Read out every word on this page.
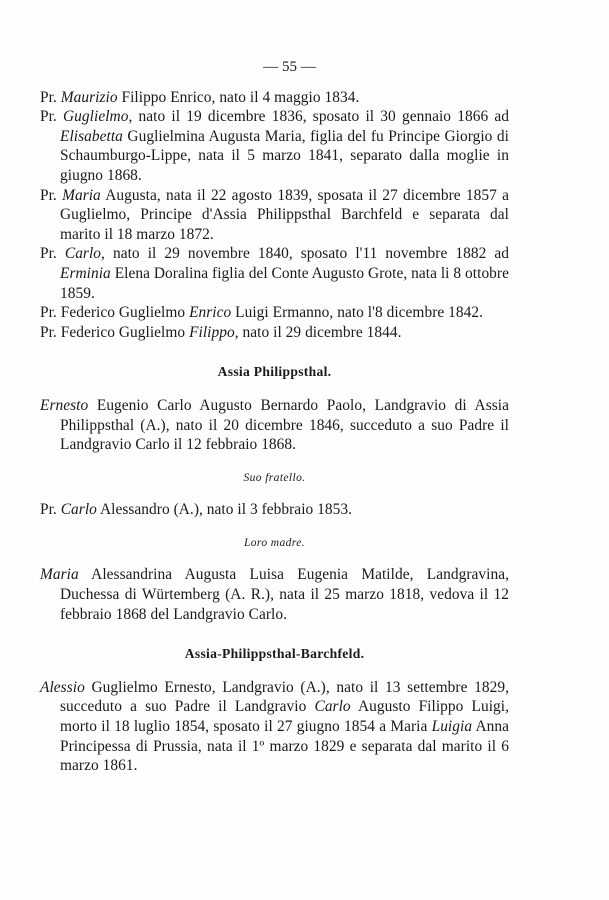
— 55 —
Pr. Maurizio Filippo Enrico, nato il 4 maggio 1834.
Pr. Guglielmo, nato il 19 dicembre 1836, sposato il 30 gennaio 1866 ad Elisabetta Guglielmina Augusta Maria, figlia del fu Principe Giorgio di Schaumburgo-Lippe, nata il 5 marzo 1841, separato dalla moglie in giugno 1868.
Pr. Maria Augusta, nata il 22 agosto 1839, sposata il 27 dicembre 1857 a Guglielmo, Principe d'Assia Philippsthal Barchfeld e separata dal marito il 18 marzo 1872.
Pr. Carlo, nato il 29 novembre 1840, sposato l'11 novembre 1882 ad Erminia Elena Doralina figlia del Conte Augusto Grote, nata li 8 ottobre 1859.
Pr. Federico Guglielmo Enrico Luigi Ermanno, nato l'8 dicembre 1842.
Pr. Federico Guglielmo Filippo, nato il 29 dicembre 1844.
Assia Philippsthal.
Ernesto Eugenio Carlo Augusto Bernardo Paolo, Landgravio di Assia Philippsthal (A.), nato il 20 dicembre 1846, succeduto a suo Padre il Landgravio Carlo il 12 febbraio 1868.
Suo fratello.
Pr. Carlo Alessandro (A.), nato il 3 febbraio 1853.
Loro madre.
Maria Alessandrina Augusta Luisa Eugenia Matilde, Landgravina, Duchessa di Würtemberg (A. R.), nata il 25 marzo 1818, vedova il 12 febbraio 1868 del Landgravio Carlo.
Assia-Philippsthal-Barchfeld.
Alessio Guglielmo Ernesto, Landgravio (A.), nato il 13 settembre 1829, succeduto a suo Padre il Landgravio Carlo Augusto Filippo Luigi, morto il 18 luglio 1854, sposato il 27 giugno 1854 a Maria Luigia Anna Principessa di Prussia, nata il 1º marzo 1829 e separata dal marito il 6 marzo 1861.
